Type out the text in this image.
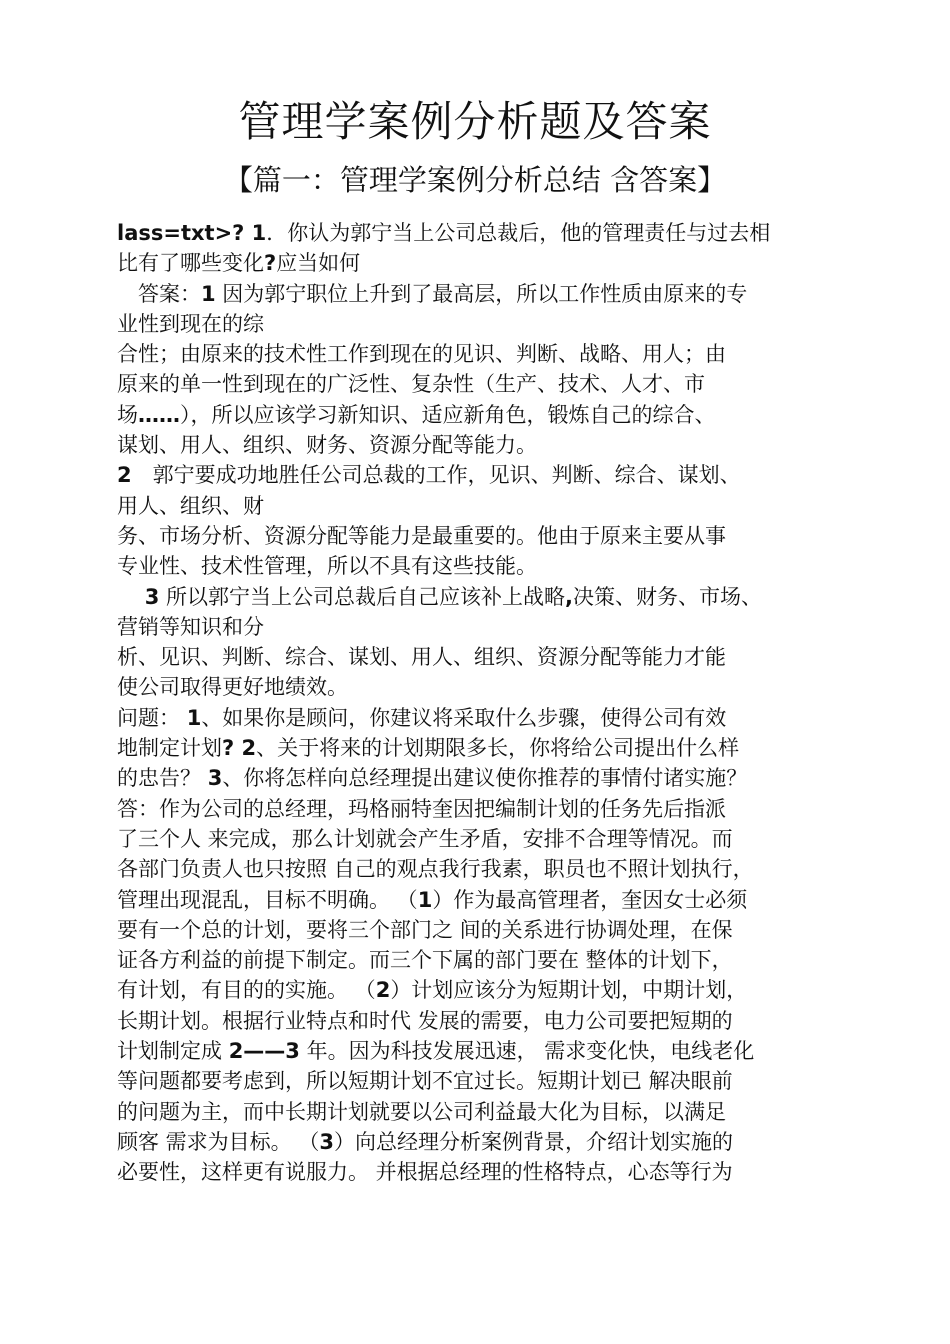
管理学案例分析题及答案
【篇一：管理学案例分析总结 含答案】
lass=txt>? 1．你认为郭宁当上公司总裁后，他的管理责任与过去相
比有了哪些变化?应当如何
　答案：1 因为郭宁职位上升到了最高层，所以工作性质由原来的专
业性到现在的综
合性；由原来的技术性工作到现在的见识、判断、战略、用人；由
原来的单一性到现在的广泛性、复杂性（生产、技术、人才、市
场……），所以应该学习新知识、适应新角色，锻炼自己的综合、
谋划、用人、组织、财务、资源分配等能力。
2　郭宁要成功地胜任公司总裁的工作，见识、判断、综合、谋划、
用人、组织、财
务、市场分析、资源分配等能力是最重要的。他由于原来主要从事
专业性、技术性管理，所以不具有这些技能。
　 3 所以郭宁当上公司总裁后自己应该补上战略,决策、财务、市场、
营销等知识和分
析、见识、判断、综合、谋划、用人、组织、资源分配等能力才能
使公司取得更好地绩效。
问题： 1、如果你是顾问，你建议将采取什么步骤，使得公司有效
地制定计划? 2、关于将来的计划期限多长，你将给公司提出什么样
的忠告？ 3、你将怎样向总经理提出建议使你推荐的事情付诸实施？
答：作为公司的总经理，玛格丽特奎因把编制计划的任务先后指派
了三个人 来完成，那么计划就会产生矛盾，安排不合理等情况。而
各部门负责人也只按照 自己的观点我行我素，职员也不照计划执行，
管理出现混乱，目标不明确。 （1）作为最高管理者，奎因女士必须
要有一个总的计划，要将三个部门之 间的关系进行协调处理，在保
证各方利益的前提下制定。而三个下属的部门要在 整体的计划下，
有计划，有目的的实施。 （2）计划应该分为短期计划，中期计划，
长期计划。根据行业特点和时代 发展的需要，电力公司要把短期的
计划制定成 2——3 年。因为科技发展迅速， 需求变化快，电线老化
等问题都要考虑到，所以短期计划不宜过长。短期计划已 解决眼前
的问题为主，而中长期计划就要以公司利益最大化为目标，以满足
顾客 需求为目标。 （3）向总经理分析案例背景，介绍计划实施的
必要性，这样更有说服力。 并根据总经理的性格特点，心态等行为
